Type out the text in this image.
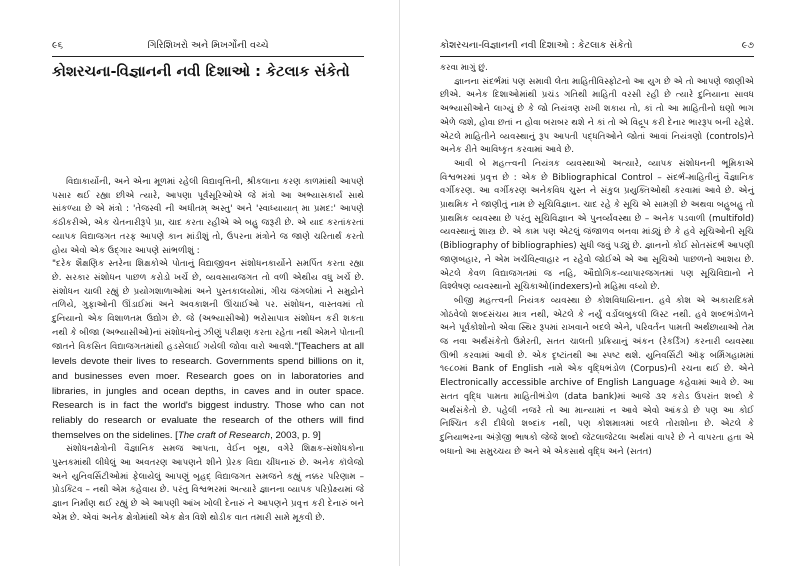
૯૬	ગિરિશિખરો અને મિખર્ગોની વચ્ચે
કોશરચના-વિજ્ઞાનની નવી દિશાઓ : કેટલાક સંકેતો

વિદ્યાકાર્યોની, અને એના મૂળમાં રહેલી વિદ્યાવૃત્તિની, શ્રીકલાના કરણ કાળમાંથી આપણે પસાર થઈ રહ્યા છીએ ત્યારે, આપણા પૂર્વસૂરિઓએ જે મંત્રો આ અભ્યાસકાર્ય સાથે સાંકળ્યા છે એ મંત્રો : 'તેજસ્વી ની અધીતમ્ અસ્તુ' અને 'સ્વાધ્યાયાત્ મા પ્રમદ:' આપણે કંઠીકરીએ, એક ચેતનારીરૂપે પ્રા, ચાદ કરતા રહીએ એ બહુ જરૂરી છે. એ યાદ કરતાંકરતાં વ્યાપક વિદ્યાજગત તરફ આપણે કાન માંડીશું તો, ઉપરના મંત્રોને જ જાણે ચરિતાર્થ કરતો હોય એવો એક ઉદ્ગાર આપણે સાંભળીશું :

"દરેક શૈક્ષણિક સ્તરેના શિક્ષકોએ પોતાનું વિદ્યાજીવન સંશોધનકાર્યોને સમર્પિત કરતા રહ્યા છે. સરકાર સંશોધન પાછળ કરોડો ખર્ચે છે, વ્યવસાયજગત તો વળી એથીય વધુ ખર્ચે છે. સંશોધન ચાલી રહ્યું છે પ્રયોગશાળાઓમાં અને પુસ્તકાલયોમાં, ગીચ જંગલોમાં ને સમુદ્રોને તળિયે, ગુફાઓની ઊંડાઈમાં અને અવકાશની ઊંચાઈઓ પર. સંશોધન, વાસ્તવમાં તો દુનિયાનો એક વિશાળતમ ઉદ્યોગ છે. જે (અભ્યાસીઓ) ભરોસાપાત્ર સંશોધન કરી શકતા નથી કે બીજા (અભ્યાસીઓ)નાં સંશોધનોનું ઝીણું પરીક્ષણ કરતા રહેતા નથી એમને પોતાની જાતને વિકસિત વિદ્યાજગતમાંથી હડસેલાઈ ગયેલી જોવા વારો આવશે."[Teachers at all levels devote their lives to research. Governments spend billions on it, and businesses even moer. Research goes on in laboratories and libraries, in jungles and ocean depths, in caves and in outer space. Research is in fact the world's biggest industry. Those who can not reliably do research or evaluate the research of the others will find themselves on the sidelines. [The craft of Research, 2003, p. 9]

સંશોધનક્ષેત્રોની વૈજ્ઞાનિક સમજ આપતા, વેઈન બૂથ, વગેરે શિક્ષક-સંશોધકોના પુસ્તકમાંથી લીધેલું આ અવતરણ આપણને શીને પ્રેરક વિદ્યા ચીંધનારું છે. અનેક કૉલેજો અને યુનિવર્સિટીઓમાં ફેલાયેલું આપણું બૃહદ્ વિદ્યાજગત સમજને કહ્યું નક્કર પરિણામ – પ્રોડક્ટિવ – નથી એમ કહેવાય છે. પરંતુ વિશ્વભરમાં અત્યારે જ્ઞાનના વ્યાપક પરિપ્રેક્ષ્યમાં જે જ્ઞાન નિર્માણ થઈ રહ્યું છે એ આપણી આંખ ખોલી દેનારું ને આપણને પ્રવૃત્ત કરી દેનારું બને એમ છે. એવાં અનેક ક્ષેત્રોમાંથી એક ક્ષેત્ર વિશે થોડીક વાત તમારી સામે મૂકવી છે.

કોશરચના-વિજ્ઞાનની નવી દિશાઓ : કેટલાક સંકેતો	૯૭

કરવા માગું છું.

જ્ઞાનના સંદર્ભમાં પણ સમાવી લેતા માહિતીવિસ્ફોટનો આ યુગ છે એ તો આપણે જાણીએ છીએ. અનેક દિશાઓમાંથી પ્રચંડ ગતિથી માહિતી વરસી રહી છે ત્યારે દુનિયાના સાવધ અભ્યાસીઓને લાગ્યું છે કે જો નિયંત્રણ રાખી શકાય તો, કાં તો આ માહિતીનો ઘણો ભાગ એળે જશે, હોવા છતાં ન હોવા બરાબર થશે ને કાં તો એ વિદ્રૂપ કરી દેનાર ભારરૂપ બની રહેશે. એટલે માહિતીને વ્યવસ્થાનું રૂપ આપતી પદ્ધતિઓને જોતાં આવાં નિયંત્રણો (controls)ને અનેક રીતે આવિષ્કૃત કરવામાં આવે છે.

આવી બે મહત્ત્વની નિયંત્રક વ્યવસ્થાઓ અત્યારે, વ્યાપક સંશોધનની ભૂમિકાએ વિશ્વભરમાં પ્રવૃત્ત છે : એક છે Bibliographical Control – સંદર્ભ-માહિતીનું વૈજ્ઞાનિક વર્ગીકરણ. આ વર્ગીકરણ અનેકવિધ ચુસ્ત ને સંકુલ પ્રયુક્તિઓથી કરવામાં આવે છે. એનું પ્રાથમિક ને જાણીતું નામ છે સૂચિવિજ્ઞાન. ચાદ રહે કે સૂચિ એ સામગ્રી છે અથવા બહુબહુ તો પ્રાથમિક વ્યવસ્થા છે પરંતુ સૂચિવિજ્ઞાન એ પુનર્વ્યવસ્થા છે – અનેક પડવાળી (multifold) વ્યવસ્થાનું શાસ્ત્ર છે. એ કામ પણ એટલું જંજાળવ બનવા માંડ્યું છે કે હવે સૂચિઓની સૂચિ (Bibliography of bibliographies) સુધી જવું પડ્યું છે. જ્ઞાનનો કોઈ સોતસંદર્ભ આપણી જાણબહાર, ને એમ ખર્ચવિહ્વાહાર ન રહેવો જોઈએ એ આ સૂચિઓ પાછળનો આશય છે. એટલે કેવળ વિદ્યાજગતમાં જ નહિ, ઔદ્યોગિક-વ્યાપારજગતમાં પણ સૂચિવિદ્યાનો ને વિશ્લેષણ વ્યવસ્થાનો સૂચિકાઓ(indexers)નો મહિમા વધ્યો છે.

બીજી મહત્ત્વની નિયંત્રક વ્યવસ્થા છે કોશવિધાયિનાન. હવે કોશ એ અકારાદિકમે ગોઠવેલો શબ્દસંચય માત્ર નથી, એટલે કે નર્યું વર્ડોલબુકલી લિસ્ટ નથી. હવે શબ્દભંડોળને અને પૂર્વકોશોનો એવા સ્થિર રૂપમાં રાખવાને બદલે એને, પરિવર્તન પામતી અર્થછાયાઓ તેમ જ નવા અર્થસંકેતો ઉમેરતી, સતત ચાલતી પ્રક્રિયાનું અંકન (રેકર્ડિંગ) કરનારી વ્યવસ્થા ઊભી કરવામાં આવી છે. એક દૃષ્ટાંતથી આ સ્પષ્ટ થશે. યુનિવર્સિટી ઑફ બર્મિંગહામમાં ૧૯૮૦માં Bank of English નામે એક વૃદ્ધિભંડોળ (Corpus)ની રચના થઈ છે. એને Electronically accessible archive of English Language કહેવામાં આવે છે. આ સતત વૃદ્ધિ પામતા માહિતીભંડોળ (data bank)માં આજે ૩૨ કરોડ ઉપરાંત શબ્દો કે અર્થસંકેતો છે. પહેલી નજરે તો આ માન્યામાં ન આવે એવો આંકડો છે પણ આ કોઈ નિશ્ચિત કરી દીધેલો શબ્દાંક નથી, પણ કોશમાત્રમાં બદલે તોરાશોના છે. એટલે કે દુનિયાભરના અંગ્રેજી ભાષકો જેજે શબ્દો જેટલાજેટલા અર્થમાં વાપરે છે ને વાપરતા હતા એ બધાનો આ સમુચ્ચય છે અને એ એકસાથે વૃદ્ધિ અને (સતત)
